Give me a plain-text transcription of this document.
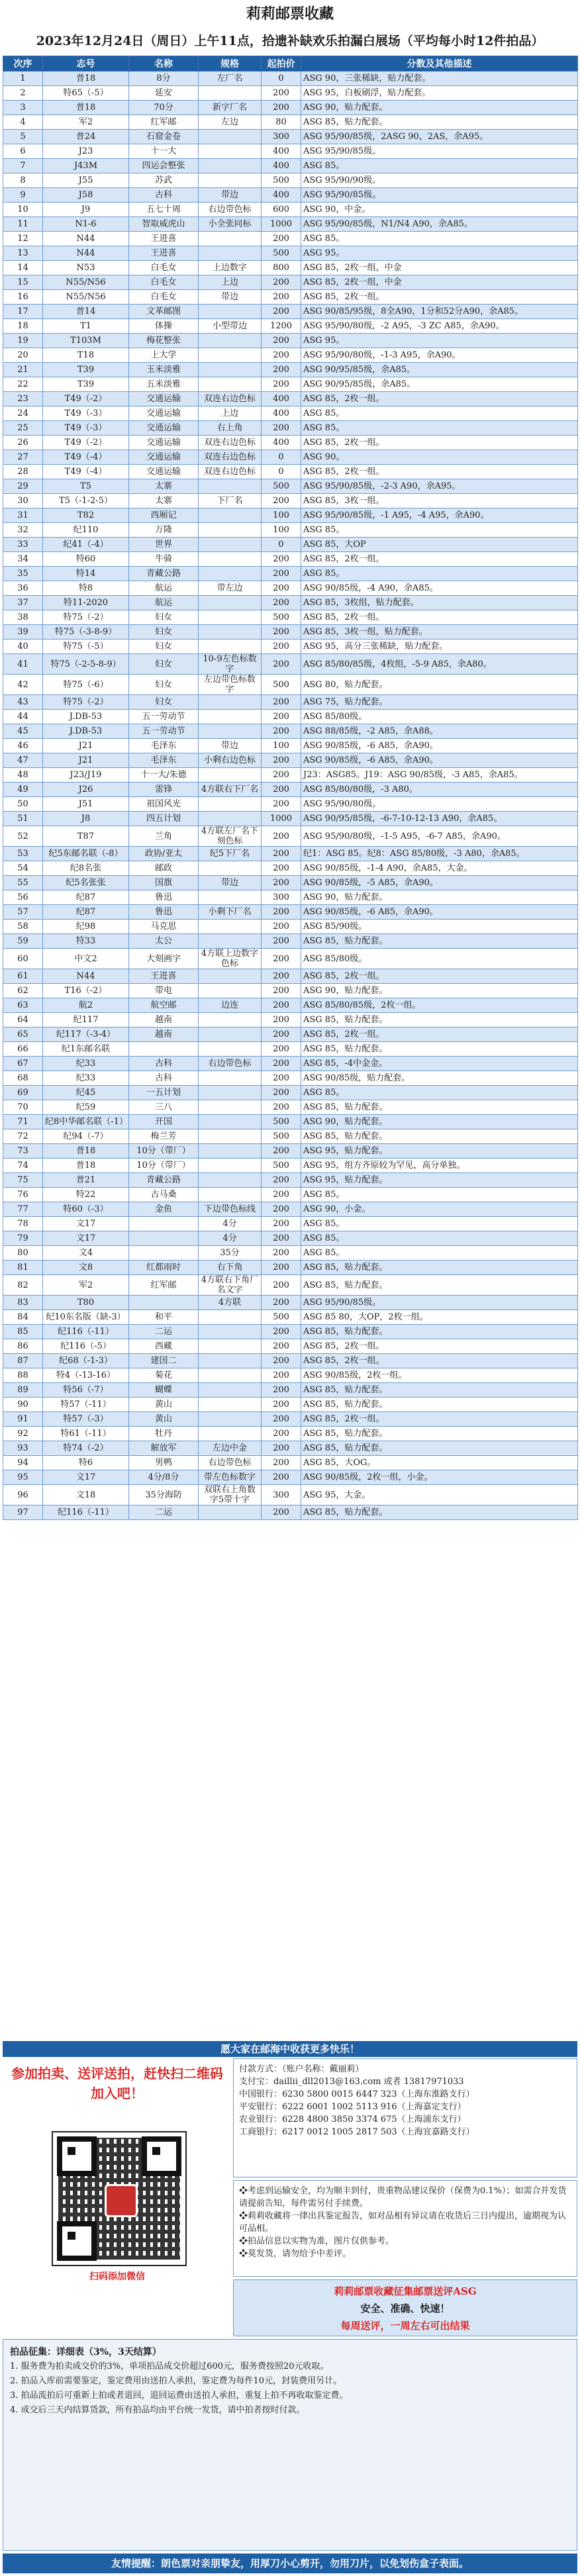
莉莉邮票收藏
2023年12月24日（周日）上午11点，拾遗补缺欢乐拍漏白展场（平均每小时12件拍品）
次序	志号	名称	规格	起拍价	分数及其他描述
1	普18	8分	左厂名	0	ASG 90，三张稀缺，贴力配套。
2	特65（-5）	延安		200	ASG 95，白板刷浮，贴力配套。
3	普18	70分	新字厂名	200	ASG 90，贴力配套。
4	军2	红军邮	左边	80	ASG 85，贴力配套。
5	普24	石窟金卷		300	ASG 95/90/85级，2ASG 90，2AS，余A95。
6	J23	十一大		400	ASG 95/90/85级。
7	J43M	四运会整张		400	ASG 85。
8	J55	苏武		500	ASG 95/90/90级。
9	J58	古科	带边	400	ASG 95/90/85级。
10	J9	五七十周	右边带色标	600	ASG 90，中金。
11	N1-6	智取威虎山	小全张同标	1000	ASG 95/90/85级，N1/N4 A90，余A85。
12	N44	王进喜		200	ASG 85。
13	N44	王进喜		500	ASG 95。
14	N53	白毛女	上边数字	800	ASG 85，2枚一组，中金
15	N55/N56	白毛女	上边	200	ASG 85，2枚一组，中金
16	N55/N56	白毛女	带边	200	ASG 85，2枚一组。
17	普14	文革邮图		200	ASG 90/85/95级，8全A90，1分和52分A90，余A85。
18	T1	体操	小型带边	1200	ASG 95/90/80级，-2 A95，-3 ZC A85，余A90。
19	T103M	梅花整张		200	ASG 95。
20	T18	上大学		200	ASG 95/90/80级，-1-3 A95，余A90。
21	T39	玉米淡雅		200	ASG 90/95/85级，余A85。
22	T39	五米淡雅		200	ASG 90/95/85级，余A85。
23	T49（-2）	交通运输	双连右边色标	400	ASG 85，2枚一组。
24	T49（-3）	交通运输	上边	400	ASG 85。
25	T49（-3）	交通运输	右上角	200	ASG 85。
26	T49（-2）	交通运输	双连右边色标	400	ASG 85，2枚一组。
27	T49（-4）	交通运输	双连右边色标	0	ASG 90。
28	T49（-4）	交通运输	双连右边色标	0	ASG 85，2枚一组。
29	T5	太寨		500	ASG 95/90/85级，-2-3 A90，余A95。
30	T5（-1-2-5）	太寨	下厂名	200	ASG 85，3枚一组。
31	T82	西厢记		100	ASG 95/90/85级，-1 A95，-4 A95，余A90。
32	纪110	万隆		100	ASG 85。
33	纪41（-4）	世界		0	ASG 85，大OP
34	特60	牛骑		200	ASG 85，2枚一组。
35	特14	青藏公路		200	ASG 85。
36	特8	航运	带左边	200	ASG 90/85级，-4 A90，余A85。
37	特11-2020	航运		200	ASG 85，3枚组，贴力配套。
38	特75（-2）	妇女		500	ASG 85，2枚一组。
39	特75（-3-8-9）	妇女		200	ASG 85，3枚一组，贴力配套。
40	特75（-5）	妇女		200	ASG 95，高分三张稀缺，贴力配套。
41	特75（-2-5-8-9）	妇女	10-9左色标数字	200	ASG 85/80/85级，4枚组，-5-9 A85，余A80。
42	特75（-6）	妇女	左边带色标数字	500	ASG 80，贴力配套。
43	特75（-2）	妇女		200	ASG 75，贴力配套。
44	J.DB-53	五一劳动节		200	ASG 85/80级。
45	J.DB-53	五一劳动节		200	ASG 88/85级，-2 A85，余A88。
46	J21	毛泽东	带边	100	ASG 90/85级，-6 A85，余A90。
47	J21	毛泽东	小剩右边色标	200	ASG 90/85级，-6 A85，余A90。
48	J23/J19	十一大/朱德		200	J23：ASG85。J19：ASG 90/85级，-3 A85，余A85。
49	J26	雷锋	4方联右下厂名	200	ASG 85/80/80级，-3 A80。
50	J51	祖国风光		200	ASG 95/90/80级。
51	J8	四五计划		1000	ASG 90/95/85级，-6-7-10-12-13 A90，余A85。
52	T87	兰角	4方联左厂名下刻色标	200	ASG 95/90/80级，-1-5 A95，-6-7 A85，余A90。
53	纪5东邮名联（-8）	政协/亚太	纪5下厂名	200	纪1：ASG 85。纪8：ASG 85/80级，-3 A80，余A85。
54	纪8名张	邮政		200	ASG 90/85级，-1-4 A90，余A85，大金。
55	纪5名张张	国旗	带边	200	ASG 90/85级，-5 A85，余A90。
56	纪87	鲁迅		300	ASG 90，贴力配套。
57	纪87	鲁迅	小剩下厂名	200	ASG 90/85级，-6 A85，余A90。
58	纪98	马克思		200	ASG 85/90级。
59	特33	太公		200	ASG 85，贴力配套。
60	中文2	大刻画字	4方联上边数字色标	200	ASG 85/80级。
61	N44	王进喜		200	ASG 85，2枚一组。
62	T16（-2）	带电		200	ASG 90，贴力配套。
63	航2	航空邮	边连	200	ASG 85/80/85级，2枚一组。
64	纪117	越南		200	ASG 85，贴力配套。
65	纪117（-3-4）	越南		200	ASG 85，2枚一组。
66	纪1东邮名联			200	ASG 85，贴力配套。
67	纪33	古科	右边带色标	200	ASG 85，-4中金金。
68	纪33	古科		200	ASG 90/85级，贴力配套。
69	纪45	一五计划		200	ASG 85。
70	纪59	三八		200	ASG 85，贴力配套。
71	纪8中华邮名联（-1）	开国		500	ASG 90，贴力配套。
72	纪94（-7）	梅兰芳		500	ASG 85，贴力配套。
73	普18	10分（带厂）		200	ASG 95，贴力配套。
74	普18	10分（带厂）		500	ASG 95，组方齐原较为罕见，高分单独。
75	普21	青藏公路		200	ASG 95，贴力配套。
76	特22	古马桑		200	ASG 85。
77	特60（-3）	金鱼	下边带色标线	200	ASG 90，小金。
78	文17		4分	200	ASG 85。
79	文17		4分	200	ASG 85。
80	文4		35分	200	ASG 85。
81	文8	红都雨时	右下角	200	ASG 85，贴力配套。
82	军2	红军邮	4方联右下角厂名文字	200	ASG 85，贴力配套。
83	T80		4方联	200	ASG 95/90/85级。
84	纪10东名版（缺-3）	和平		500	ASG 85 80，大OP，2枚一组。
85	纪116（-11）	二运		200	ASG 85，贴力配套。
86	纪116（-5）	西藏		200	ASG 85，2枚一组。
87	纪68（-1-3）	建国二		200	ASG 85，2枚一组。
88	特4（-13-16）	菊花		200	ASG 90/85级，2枚一组。
89	特56（-7）	蝴蝶		200	ASG 85，贴力配套。
90	特57（-11）	黄山		200	ASG 85，贴力配套。
91	特57（-3）	黄山		200	ASG 85，2枚一组。
92	特61（-11）	牡丹		200	ASG 85，贴力配套。
93	特74（-2）	解放军	左边中金	200	ASG 85，贴力配套。
94	特6	男鸭	右边带色标	200	ASG 85，大OG。
95	文17	4分/8分	带左色标数字	200	ASG 90/85级，2枚一组，小金。
96	文18	35分海防	双联右上角数字5带十字	300	ASG 95，大金。
97	纪116（-11）	二运		200	ASG 85，贴力配套。
愿大家在邮海中收获更多快乐！
参加拍卖、送评送拍，赶快扫二维码加入吧！
扫码添加微信
付款方式：（账户名称：戴丽莉）
支付宝：daillii_dll2013@163.com 或者 13817971033
中国银行：6230 5800 0015 6447 323（上海东淮路支行）
平安银行：6222 6001 1002 5113 916（上海嘉定支行）
农业银行：6228 4800 3850 3374 675（上海浦东支行）
工商银行：6217 0012 1005 2817 503（上海宜嘉路支行）
❖考虑到运输安全，均为顺丰到付，贵重物品建议保价（保费为0.1%）；如需合并发货请提前告知，每件需另付手续费。
❖莉莉收藏将一律出具鉴定报告，如对品相有异议请在收货后三日内提出，逾期视为认可品相。
❖拍品信息以实物为准，图片仅供参考。
❖莫发货，请勿给予中差评。
莉莉邮票收藏征集邮票送评ASG
安全、准确、快速！
每周送评，一周左右可出结果
拍品征集：详细表（3%，3天结算）
1. 服务费为拍卖成交价的3%，单项拍品成交价超过600元，服务费按照20元收取。
2. 拍品入库前需要鉴定，鉴定费用由送拍人承担，鉴定费为每件10元，封装费用另计。
3. 拍品流拍后可重新上拍或者退回，退回运费由送拍人承担，重复上拍不再收取鉴定费。
4. 成交后三天内结算货款，所有拍品均由平台统一发货，请中拍者按时付款。
友情提醒：朗色票对亲朋挚友，用厚刀小心剪开，勿用刀片，以免划伤盒子表面。
